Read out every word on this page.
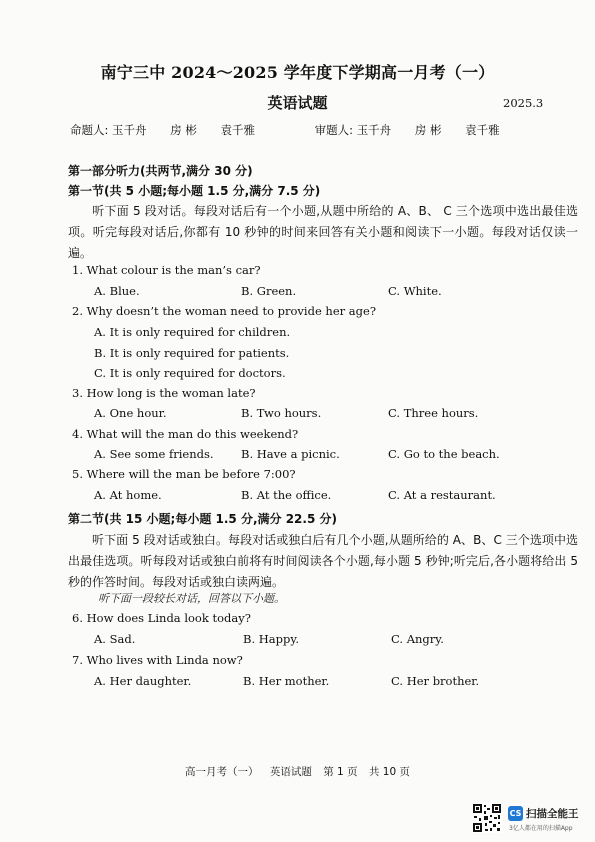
南宁三中 2024～2025 学年度下学期高一月考（一）
英语试题	2025.3
命题人: 玉千舟 房 彬 袁千雅	审题人: 玉千舟 房 彬 袁千雅
第一部分听力(共两节,满分 30 分)
第一节(共 5 小题;每小题 1.5 分,满分 7.5 分)
听下面 5 段对话。每段对话后有一个小题,从题中所给的 A、B、 C 三个选项中选出最佳选项。听完每段对话后,你都有 10 秒钟的时间来回答有关小题和阅读下一小题。每段对话仅读一遍。
1. What colour is the man’s car?
A. Blue.	B. Green.	C. White.
2. Why doesn’t the woman need to provide her age?
A. It is only required for children.
B. It is only required for patients.
C. It is only required for doctors.
3. How long is the woman late?
A. One hour.	B. Two hours.	C. Three hours.
4. What will the man do this weekend?
A. See some friends. B. Have a picnic.	C. Go to the beach.
5. Where will the man be before 7:00?
A. At home.	B. At the office.	C. At a restaurant.
第二节(共 15 小题;每小题 1.5 分,满分 22.5 分)
听下面 5 段对话或独白。每段对话或独白后有几个小题,从题所给的 A、B、C 三个选项中选出最佳选项。听每段对话或独白前将有时间阅读各个小题,每小题 5 秒钟;听完后,各小题将给出 5 秒的作答时间。每段对话或独白读两遍。
听下面一段较长对话，回答以下小题。
6. How does Linda look today?
A. Sad.	B. Happy.	C. Angry.
7. Who lives with Linda now?
A. Her daughter.	B. Her mother.	C. Her brother.
高一月考（一） 英语试题 第 1 页 共 10 页
CS 扫描全能王
3亿人都在用的扫描App
